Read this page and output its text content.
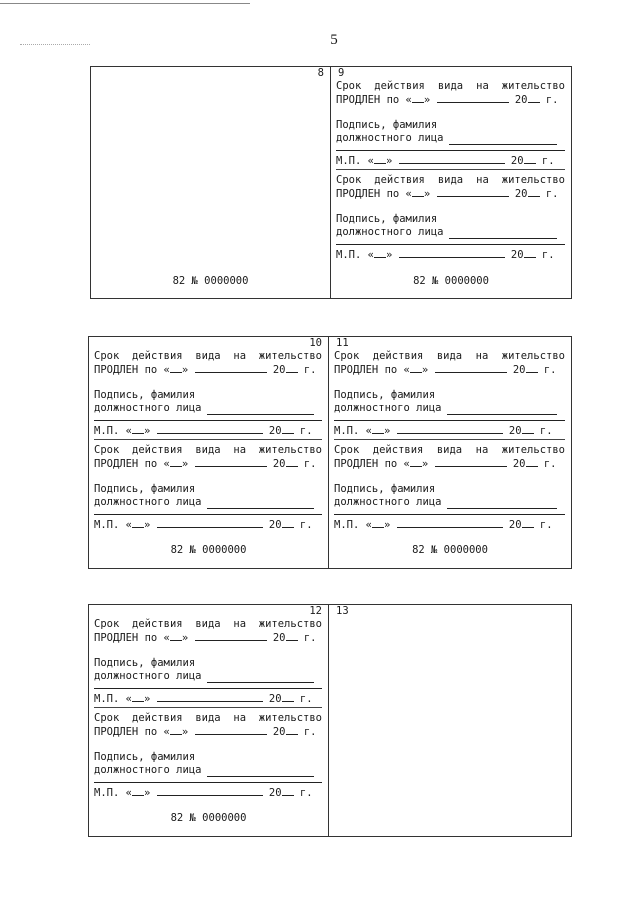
5
8
82 № 0000000
9
Срок действия вида на жительство
ПРОДЛЕН по « »	20 г.
Подпись, фамилия
должностного лица
М.П. « »	20 г.
Срок действия вида на жительство
ПРОДЛЕН по « »	20 г.
Подпись, фамилия
должностного лица
М.П. « »	20 г.
82 № 0000000
10
Срок действия вида на жительство
ПРОДЛЕН по « »	20 г.
Подпись, фамилия
должностного лица
М.П. « »	20 г.
Срок действия вида на жительство
ПРОДЛЕН по « »	20 г.
Подпись, фамилия
должностного лица
М.П. « »	20 г.
82 № 0000000
11
Срок действия вида на жительство
ПРОДЛЕН по « »	20 г.
Подпись, фамилия
должностного лица
М.П. « »	20 г.
Срок действия вида на жительство
ПРОДЛЕН по « »	20 г.
Подпись, фамилия
должностного лица
М.П. « »	20 г.
82 № 0000000
12
Срок действия вида на жительство
ПРОДЛЕН по « »	20 г.
Подпись, фамилия
должностного лица
М.П. « »	20 г.
Срок действия вида на жительство
ПРОДЛЕН по « »	20 г.
Подпись, фамилия
должностного лица
М.П. « »	20 г.
82 № 0000000
13
